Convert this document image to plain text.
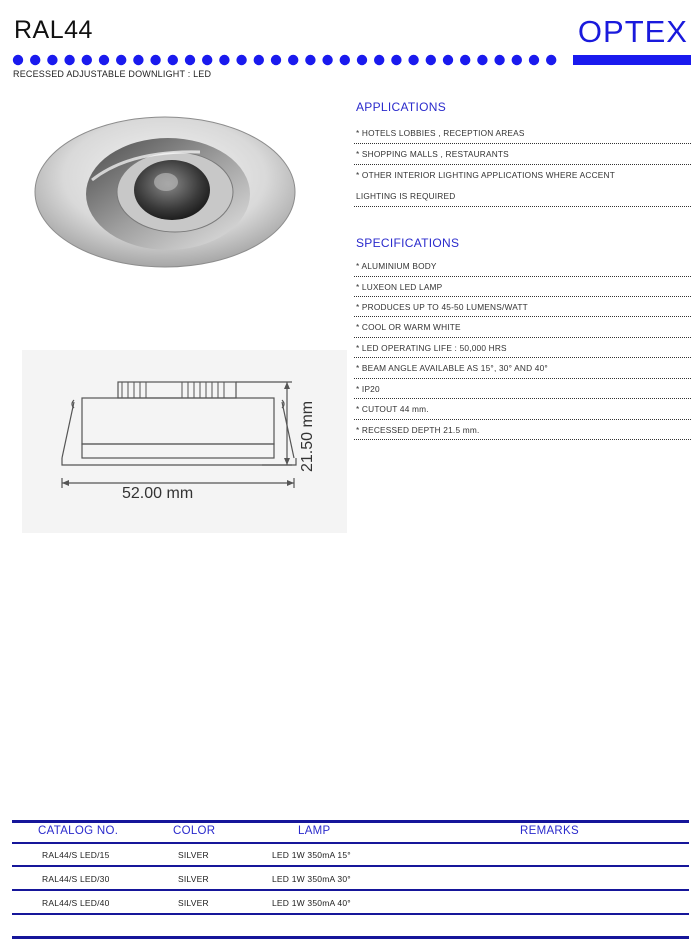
RAL44	OPTEX
RECESSED ADJUSTABLE DOWNLIGHT : LED
52.00 mm
21.50 mm
APPLICATIONS
* HOTELS LOBBIES , RECEPTION AREAS
* SHOPPING MALLS , RESTAURANTS
* OTHER INTERIOR LIGHTING APPLICATIONS WHERE ACCENT
LIGHTING IS REQUIRED
SPECIFICATIONS
* ALUMINIUM BODY
* LUXEON LED LAMP
* PRODUCES UP TO 45-50 LUMENS/WATT
* COOL OR WARM WHITE
* LED OPERATING LIFE : 50,000 HRS
* BEAM ANGLE AVAILABLE AS 15°, 30° AND 40°
* IP20
* CUTOUT 44 mm.
* RECESSED DEPTH 21.5 mm.
CATALOG NO.	COLOR	LAMP	REMARKS
RAL44/S LED/15	SILVER	LED 1W 350mA 15°
RAL44/S LED/30	SILVER	LED 1W 350mA 30°
RAL44/S LED/40	SILVER	LED 1W 350mA 40°
